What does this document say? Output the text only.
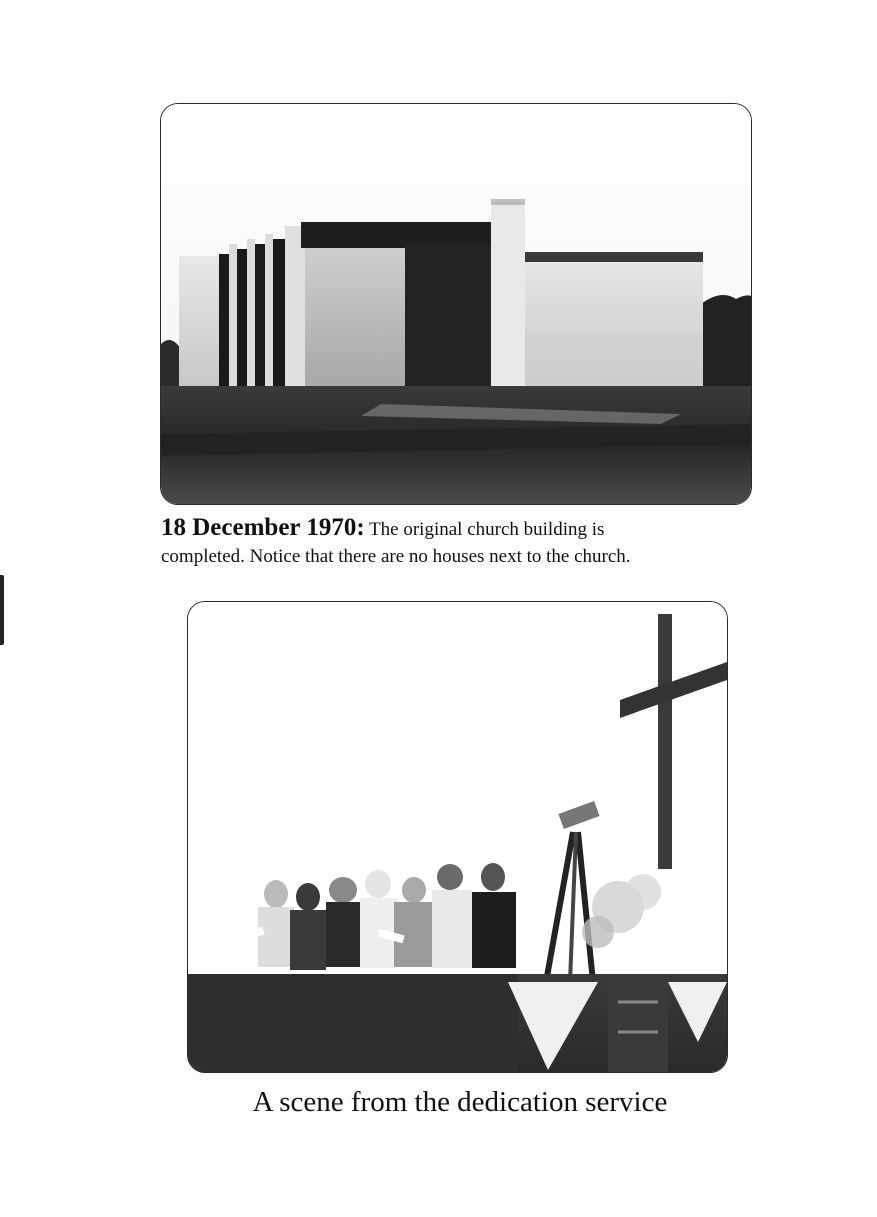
18 December 1970: The original church building is
completed. Notice that there are no houses next to the church.
A scene from the dedication service
